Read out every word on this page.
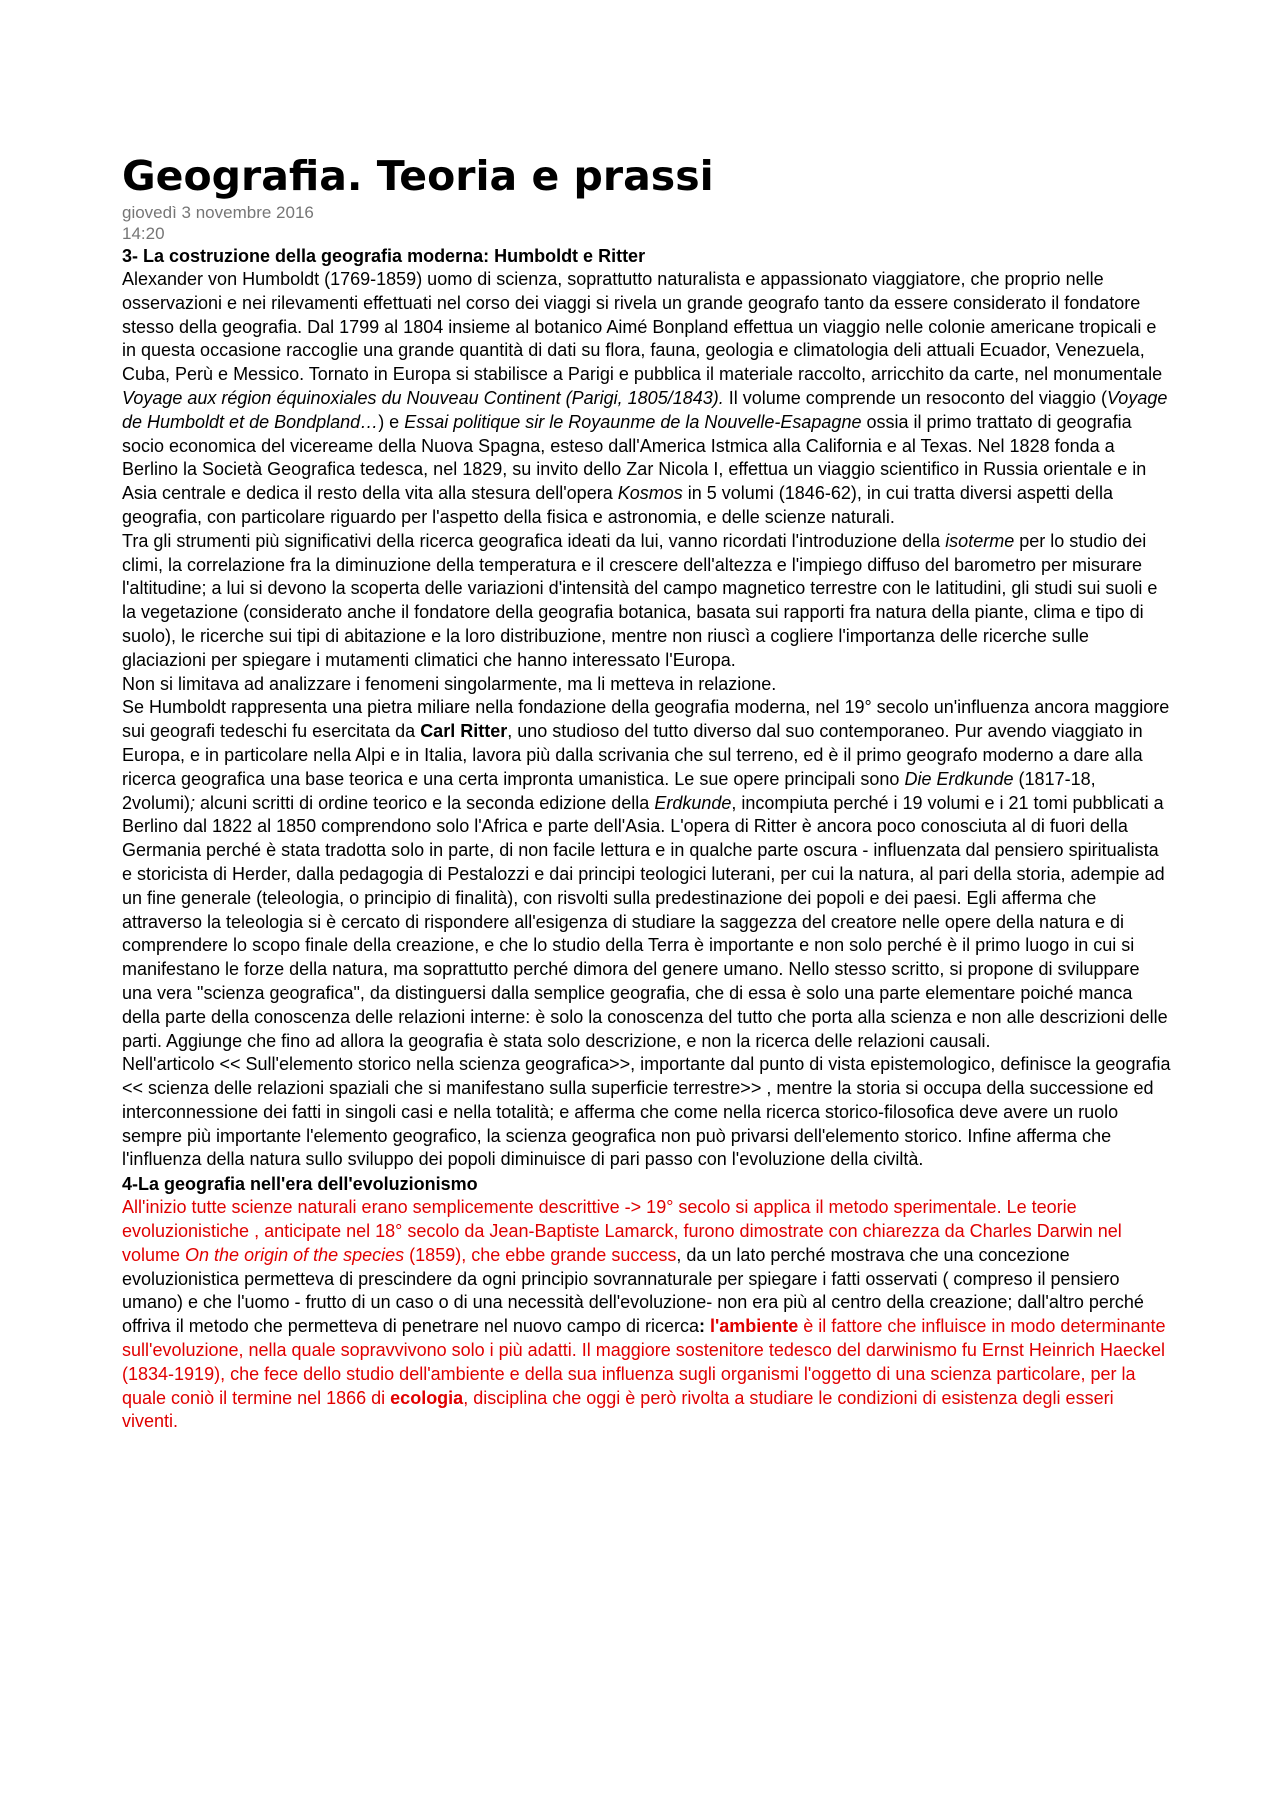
Geografia. Teoria e prassi
giovedì 3 novembre 2016
14:20
3- La costruzione della geografia moderna: Humboldt e Ritter

Alexander von Humboldt (1769-1859) uomo di scienza, soprattutto naturalista e appassionato viaggiatore, che proprio nelle osservazioni e nei rilevamenti effettuati nel corso dei viaggi si rivela un grande geografo tanto da essere considerato il fondatore stesso della geografia. Dal 1799 al 1804 insieme al botanico Aimé Bonpland effettua un viaggio nelle colonie americane tropicali e in questa occasione raccoglie una grande quantità di dati su flora, fauna, geologia e climatologia deli attuali Ecuador, Venezuela, Cuba, Perù e Messico. Tornato in Europa si stabilisce a Parigi e pubblica il materiale raccolto, arricchito da carte, nel monumentale Voyage aux région équinoxiales du Nouveau Continent (Parigi, 1805/1843). Il volume comprende un resoconto del viaggio (Voyage de Humboldt et de Bondpland…) e Essai politique sir le Royaunme de la Nouvelle-Esapagne ossia il primo trattato di geografia socio economica del vicereame della Nuova Spagna, esteso dall'America Istmica alla California e al Texas. Nel 1828 fonda a Berlino la Società Geografica tedesca, nel 1829, su invito dello Zar Nicola I, effettua un viaggio scientifico in Russia orientale e in Asia centrale e dedica il resto della vita alla stesura dell'opera Kosmos in 5 volumi (1846-62), in cui tratta diversi aspetti della geografia, con particolare riguardo per l'aspetto della fisica e astronomia, e delle scienze naturali.

Tra gli strumenti più significativi della ricerca geografica ideati da lui, vanno ricordati l'introduzione della isoterme per lo studio dei climi, la correlazione fra la diminuzione della temperatura e il crescere dell'altezza e l'impiego diffuso del barometro per misurare l'altitudine; a lui si devono la scoperta delle variazioni d'intensità del campo magnetico terrestre con le latitudini, gli studi sui suoli e la vegetazione (considerato anche il fondatore della geografia botanica, basata sui rapporti fra natura della piante, clima e tipo di suolo), le ricerche sui tipi di abitazione e la loro distribuzione, mentre non riuscì a cogliere l'importanza delle ricerche sulle glaciazioni per spiegare i mutamenti climatici che hanno interessato l'Europa.

Non si limitava ad analizzare i fenomeni singolarmente, ma li metteva in relazione.

Se Humboldt rappresenta una pietra miliare nella fondazione della geografia moderna, nel 19° secolo un'influenza ancora maggiore sui geografi tedeschi fu esercitata da Carl Ritter, uno studioso del tutto diverso dal suo contemporaneo. Pur avendo viaggiato in Europa, e in particolare nella Alpi e in Italia, lavora più dalla scrivania che sul terreno, ed è il primo geografo moderno a dare alla ricerca geografica una base teorica e una certa impronta umanistica. Le sue opere principali sono Die Erdkunde (1817-18, 2volumi); alcuni scritti di ordine teorico e la seconda edizione della Erdkunde, incompiuta perché i 19 volumi e i 21 tomi pubblicati a Berlino dal 1822 al 1850 comprendono solo l'Africa e parte dell'Asia. L'opera di Ritter è ancora poco conosciuta al di fuori della Germania perché è stata tradotta solo in parte, di non facile lettura e in qualche parte oscura - influenzata dal pensiero spiritualista e storicista di Herder, dalla pedagogia di Pestalozzi e dai principi teologici luterani, per cui la natura, al pari della storia, adempie ad un fine generale (teleologia, o principio di finalità), con risvolti sulla predestinazione dei popoli e dei paesi. Egli afferma che attraverso la teleologia si è cercato di rispondere all'esigenza di studiare la saggezza del creatore nelle opere della natura e di comprendere lo scopo finale della creazione, e che lo studio della Terra è importante e non solo perché è il primo luogo in cui si manifestano le forze della natura, ma soprattutto perché dimora del genere umano. Nello stesso scritto, si propone di sviluppare una vera "scienza geografica", da distinguersi dalla semplice geografia, che di essa è solo una parte elementare poiché manca della parte della conoscenza delle relazioni interne: è solo la conoscenza del tutto che porta alla scienza e non alle descrizioni delle parti. Aggiunge che fino ad allora la geografia è stata solo descrizione, e non la ricerca delle relazioni causali.

Nell'articolo << Sull'elemento storico nella scienza geografica>>, importante dal punto di vista epistemologico, definisce la geografia << scienza delle relazioni spaziali che si manifestano sulla superficie terrestre>> , mentre la storia si occupa della successione ed interconnessione dei fatti in singoli casi e nella totalità; e afferma che come nella ricerca storico-filosofica deve avere un ruolo sempre più importante l'elemento geografico, la scienza geografica non può privarsi dell'elemento storico. Infine afferma che l'influenza della natura sullo sviluppo dei popoli diminuisce di pari passo con l'evoluzione della civiltà.

4-La geografia nell'era dell'evoluzionismo

All'inizio tutte scienze naturali erano semplicemente descrittive -> 19° secolo si applica il metodo sperimentale. Le teorie evoluzionistiche , anticipate nel 18° secolo da Jean-Baptiste Lamarck, furono dimostrate con chiarezza da Charles Darwin nel volume On the origin of the species (1859), che ebbe grande success, da un lato perché mostrava che una concezione evoluzionistica permetteva di prescindere da ogni principio sovrannaturale per spiegare i fatti osservati ( compreso il pensiero umano) e che l'uomo - frutto di un caso o di una necessità dell'evoluzione- non era più al centro della creazione; dall'altro perché offriva il metodo che permetteva di penetrare nel nuovo campo di ricerca: l'ambiente è il fattore che influisce in modo determinante sull'evoluzione, nella quale sopravvivono solo i più adatti. Il maggiore sostenitore tedesco del darwinismo fu Ernst Heinrich Haeckel (1834-1919), che fece dello studio dell'ambiente e della sua influenza sugli organismi l'oggetto di una scienza particolare, per la quale coniò il termine nel 1866 di ecologia, disciplina che oggi è però rivolta a studiare le condizioni di esistenza degli esseri viventi.
